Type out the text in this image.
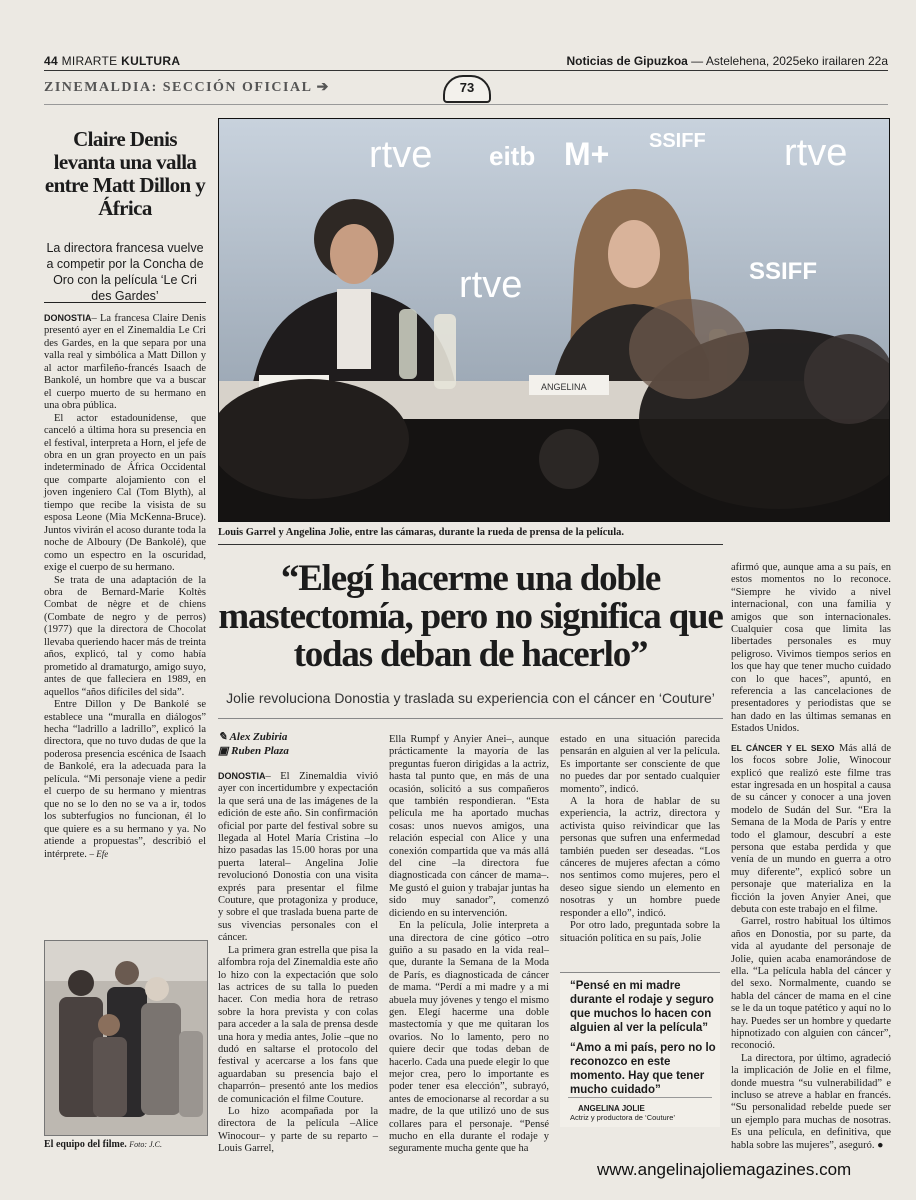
44 MIRARTE KULTURA	Noticias de Gipuzkoa — Astelehena, 2025eko irailaren 22a
ZINEMALDIA: SECCIÓN OFICIAL ➔	73
Claire Denis levanta una valla entre Matt Dillon y África
La directora francesa vuelve a competir por la Concha de Oro con la película ‘Le Cri des Gardes’

DONOSTIA– La francesa Claire Denis presentó ayer en el Zinemaldia Le Cri des Gardes, en la que separa por una valla real y simbólica a Matt Dillon y al actor marfileño-francés Isaach de Bankolé, un hombre que va a buscar el cuerpo muerto de su hermano en una obra pública.

El actor estadounidense, que canceló a última hora su presencia en el festival, interpreta a Horn, el jefe de obra en un gran proyecto en un país indeterminado de África Occidental que comparte alojamiento con el joven ingeniero Cal (Tom Blyth), al tiempo que recibe la visista de su esposa Leone (Mia McKenna-Bruce). Juntos vivirán el acoso durante toda la noche de Alboury (De Bankolé), que como un espectro en la oscuridad, exige el cuerpo de su hermano.

Se trata de una adaptación de la obra de Bernard-Marie Koltès Combat de nègre et de chiens (Combate de negro y de perros) (1977) que la directora de Chocolat llevaba queriendo hacer más de treinta años, explicó, tal y como había prometido al dramaturgo, amigo suyo, antes de que falleciera en 1989, en aquellos “años difíciles del sida”.

Entre Dillon y De Bankolé se establece una “muralla en diálogos” hecha “ladrillo a ladrillo”, explicó la directora, que no tuvo dudas de que la poderosa presencia escénica de Isaach de Bankolé, era la adecuada para la película. “Mi personaje viene a pedir el cuerpo de su hermano y mientras que no se lo den no se va a ir, todos los subterfugios no funcionan, él lo que quiere es a su hermano y ya. No atiende a propuestas”, describió el intérprete. – Efe

El equipo del filme. Foto: J.C.
rtve eitb M+ SSIFF rtve
rtve	SSIFF
ANGELINA
Louis Garrel y Angelina Jolie, entre las cámaras, durante la rueda de prensa de la película.
“Elegí hacerme una doble mastectomía, pero no significa que todas deban de hacerlo”
Jolie revoluciona Donostia y traslada su experiencia con el cáncer en ‘Couture’
✎ Alex Zubiria
▣ Ruben Plaza

DONOSTIA– El Zinemaldia vivió ayer con incertidumbre y expectación la que será una de las imágenes de la edición de este año. Sin confirmación oficial por parte del festival sobre su llegada al Hotel María Cristina –lo hizo pasadas las 15.00 horas por una puerta lateral– Angelina Jolie revolucionó Donostia con una visita exprés para presentar el filme Couture, que protagoniza y produce, y sobre el que traslada buena parte de sus vivencias personales con el cáncer.

La primera gran estrella que pisa la alfombra roja del Zinemaldia este año lo hizo con la expectación que solo las actrices de su talla lo pueden hacer. Con media hora de retraso sobre la hora prevista y con colas para acceder a la sala de prensa desde una hora y media antes, Jolie –que no dudó en saltarse el protocolo del festival y acercarse a los fans que aguardaban su presencia bajo el chaparrón– presentó ante los medios de comunicación el filme Couture.

Lo hizo acompañada por la directora de la película –Alice Winocour– y parte de su reparto –Louis Garrel,

Ella Rumpf y Anyier Anei–, aunque prácticamente la mayoría de las preguntas fueron dirigidas a la actriz, hasta tal punto que, en más de una ocasión, solicitó a sus compañeros que también respondieran. “Esta película me ha aportado muchas cosas: unos nuevos amigos, una relación especial con Alice y una conexión compartida que va más allá del cine –la directora fue diagnosticada con cáncer de mama–. Me gustó el guion y trabajar juntas ha sido muy sanador”, comenzó diciendo en su intervención.

En la película, Jolie interpreta a una directora de cine gótico –otro guiño a su pasado en la vida real– que, durante la Semana de la Moda de París, es diagnosticada de cáncer de mama. “Perdí a mi madre y a mi abuela muy jóvenes y tengo el mismo gen. Elegí hacerme una doble mastectomía y que me quitaran los ovarios. No lo lamento, pero no quiere decir que todas deban de hacerlo. Cada una puede elegir lo que mejor crea, pero lo importante es poder tener esa elección”, subrayó, antes de emocionarse al recordar a su madre, de la que utilizó uno de sus collares para el personaje. “Pensé mucho en ella durante el rodaje y seguramente mucha gente que ha

estado en una situación parecida pensarán en alguien al ver la película. Es importante ser consciente de que no puedes dar por sentado cualquier momento”, indicó.

A la hora de hablar de su experiencia, la actriz, directora y activista quiso reivindicar que las personas que sufren una enfermedad también pueden ser deseadas. “Los cánceres de mujeres afectan a cómo nos sentimos como mujeres, pero el deseo sigue siendo un elemento en nosotras y un hombre puede responder a ello”, indicó.

Por otro lado, preguntada sobre la situación política en su país, Jolie

“Pensé en mi madre durante el rodaje y seguro que muchos lo hacen con alguien al ver la película”
“Amo a mi país, pero no lo reconozco en este momento. Hay que tener mucho cuidado”
ANGELINA JOLIE
Actriz y productora de ‘Couture’

afirmó que, aunque ama a su país, en estos momentos no lo reconoce. “Siempre he vivido a nivel internacional, con una familia y amigos que son internacionales. Cualquier cosa que limita las libertades personales es muy peligroso. Vivimos tiempos serios en los que hay que tener mucho cuidado con lo que haces”, apuntó, en referencia a las cancelaciones de presentadores y periodistas que se han dado en las últimas semanas en Estados Unidos.

EL CÁNCER Y EL SEXO Más allá de los focos sobre Jolie, Winocour explicó que realizó este filme tras estar ingresada en un hospital a causa de su cáncer y conocer a una joven modelo de Sudán del Sur. “Era la Semana de la Moda de París y entre todo el glamour, descubrí a este persona que estaba perdida y que venía de un mundo en guerra a otro muy diferente”, explicó sobre un personaje que materializa en la ficción la joven Anyier Anei, que debuta con este trabajo en el filme.

Garrel, rostro habitual los últimos años en Donostia, por su parte, da vida al ayudante del personaje de Jolie, quien acaba enamorándose de ella. “La película habla del cáncer y del sexo. Normalmente, cuando se habla del cáncer de mama en el cine se le da un toque patético y aquí no lo hay. Puedes ser un hombre y quedarte hipnotizado con alguien con cáncer”, reconoció.

La directora, por último, agradeció la implicación de Jolie en el filme, donde muestra “su vulnerabilidad” e incluso se atreve a hablar en francés. “Su personalidad rebelde puede ser un ejemplo para muchas de nosotras. Es una película, en definitiva, que habla sobre las mujeres”, aseguró. ●

www.angelinajoliemagazines.com
